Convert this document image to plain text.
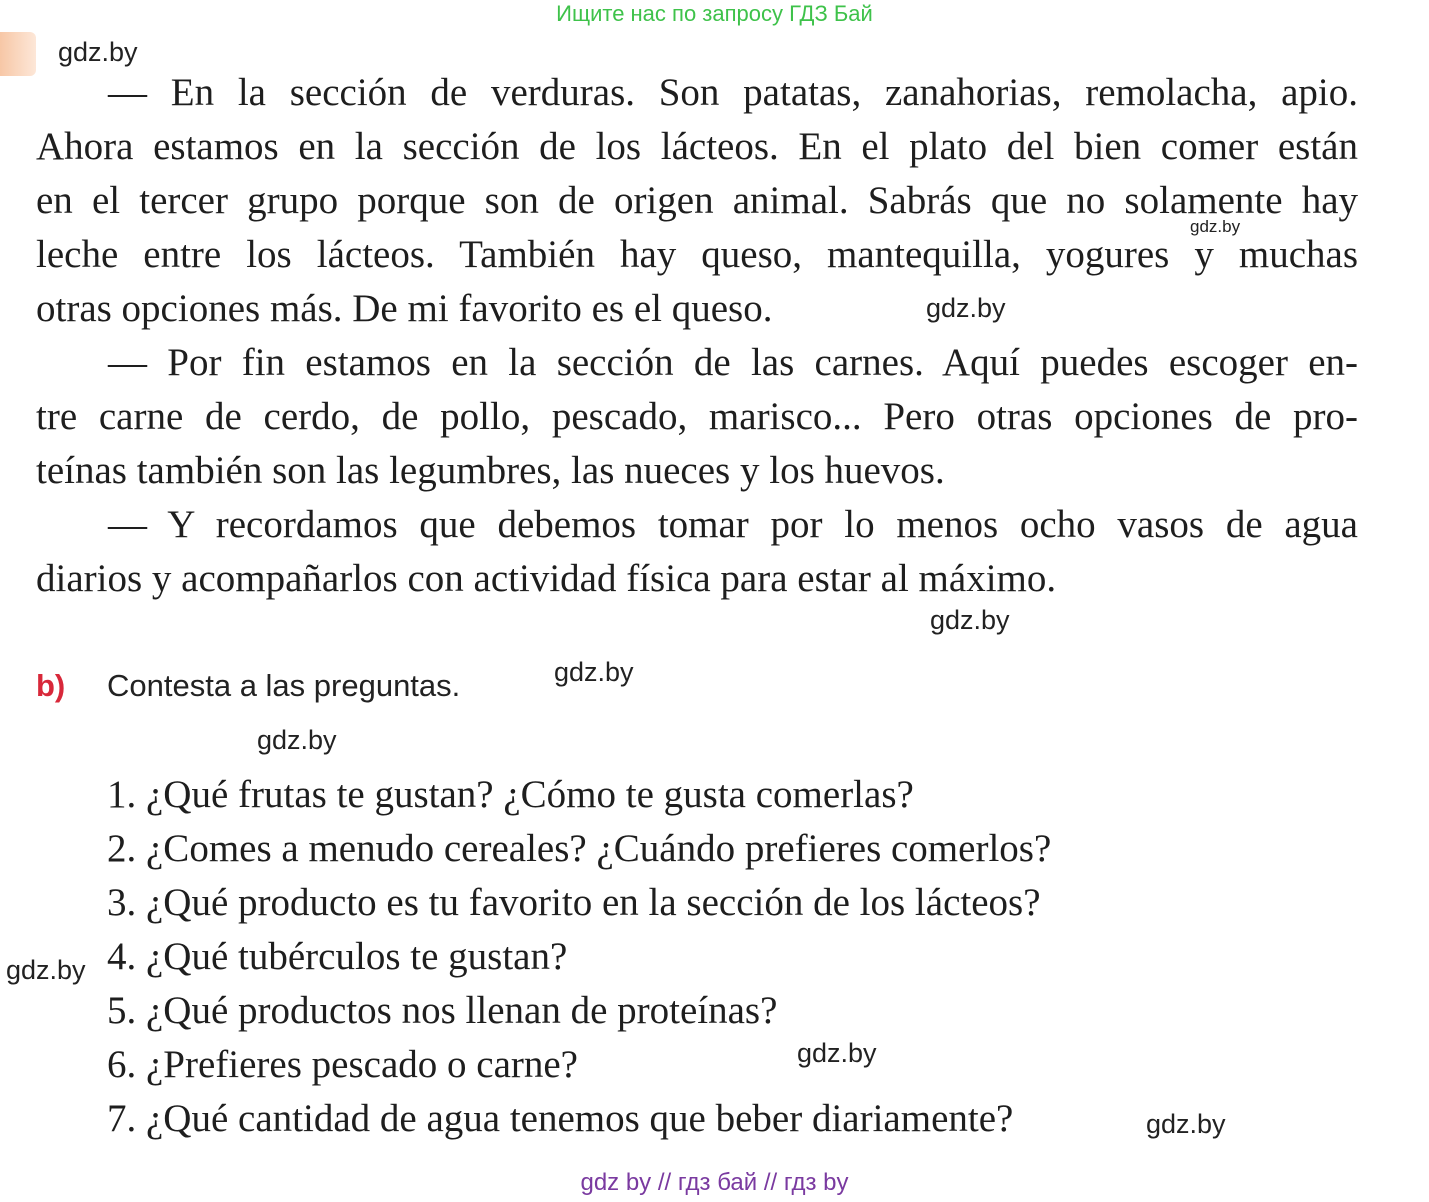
Ищите нас по запросу ГДЗ Бай
gdz.by
gdz.by
gdz.by
gdz.by
gdz.by
gdz.by
gdz.by
gdz.by
gdz.by
— En la sección de verduras. Son patatas, zanahorias, remolacha, apio.
Ahora estamos en la sección de los lácteos. En el plato del bien comer están
en el tercer grupo porque son de origen animal. Sabrás que no solamente hay
leche entre los lácteos. También hay queso, mantequilla, yogures y muchas
otras opciones más. De mi favorito es el queso.
— Por fin estamos en la sección de las carnes. Aquí puedes escoger en-
tre carne de cerdo, de pollo, pescado, marisco... Pero otras opciones de pro-
teínas también son las legumbres, las nueces y los huevos.
— Y recordamos que debemos tomar por lo menos ocho vasos de agua
diarios y acompañarlos con actividad física para estar al máximo.
b) Contesta a las preguntas.
1. ¿Qué frutas te gustan? ¿Cómo te gusta comerlas?
2. ¿Comes a menudo cereales? ¿Cuándo prefieres comerlos?
3. ¿Qué producto es tu favorito en la sección de los lácteos?
4. ¿Qué tubérculos te gustan?
5. ¿Qué productos nos llenan de proteínas?
6. ¿Prefieres pescado o carne?
7. ¿Qué cantidad de agua tenemos que beber diariamente?
gdz by // гдз бай // гдз by
